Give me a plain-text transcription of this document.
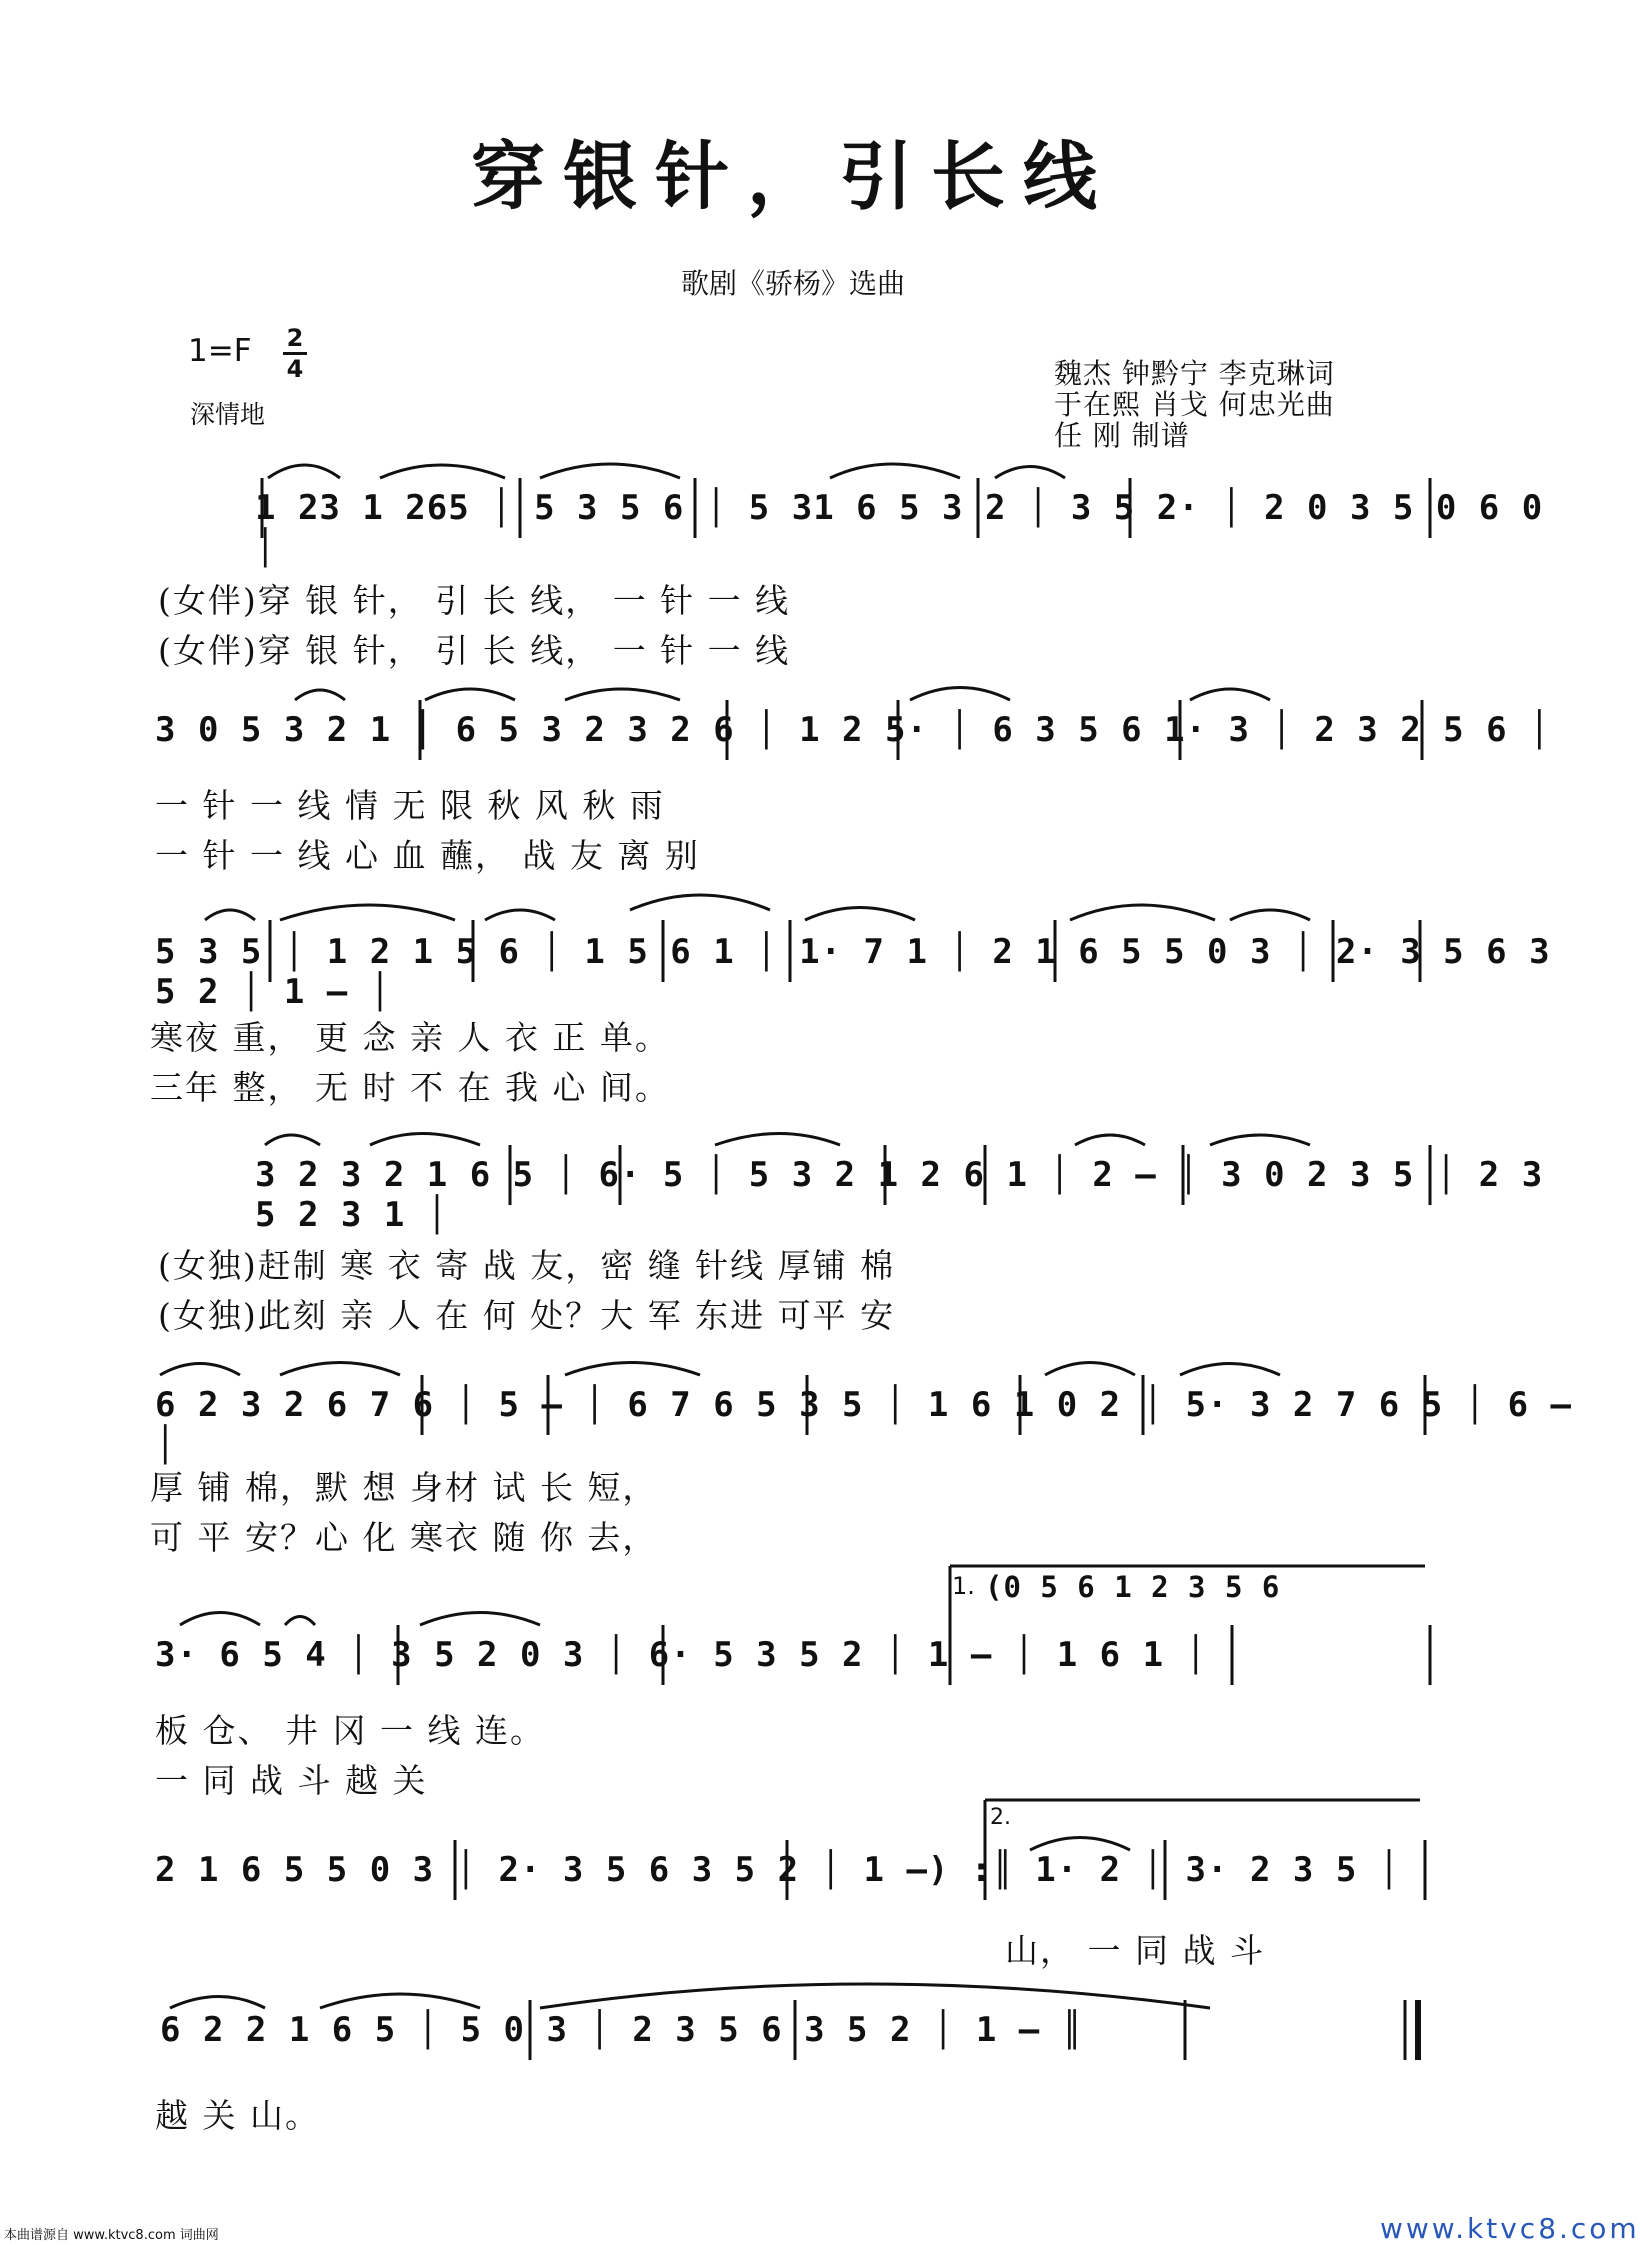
穿银针，引长线
歌剧《骄杨》选曲
1=F 2
4
深情地
魏杰 钟黔宁 李克琳词
于在熙 肖戈 何忠光曲
任 刚 制谱
1 23 1 265 │ 5 3 5 6 │ 5 31 6 5 3 2 │ 3 5 2· │ 2 0 3 5 0 6 0 │
(女伴)穿 银 针， 引 长 线， 一 针 一 线
(女伴)穿 银 针， 引 长 线， 一 针 一 线
3 0 5 3 2 1 │ 6 5 3 2 3 2 6 │ 1 2 5· │ 6 3 5 6 1· 3 │ 2 3 2 5 6 │
一 针 一 线 情 无 限 秋 风 秋 雨
一 针 一 线 心 血 蘸， 战 友 离 别
5 3 5 │ 1 2 1 5 6 │ 1 5 6 1 │ 1· 7 1 │ 2 1 6 5 5 0 3 │ 2· 3 5 6 3 5 2 │ 1 – │
寒夜 重， 更 念 亲 人 衣 正 单。
三年 整， 无 时 不 在 我 心 间。
3 2 3 2 1 6 5 │ 6· 5 │ 5 3 2 1 2 6 1 │ 2 – │ 3 0 2 3 5 │ 2 3 5 2 3 1 │
(女独)赶制 寒 衣 寄 战 友，密 缝 针线 厚铺 棉
(女独)此刻 亲 人 在 何 处？大 军 东进 可平 安
6 2 3 2 6 7 6 │ 5 – │ 6 7 6 5 3 5 │ 1 6 1 0 2 │ 5· 3 2 7 6 5 │ 6 – │
厚 铺 棉，默 想 身材 试 长 短，
可 平 安？心 化 寒衣 随 你 去，
1. (0 5 6 1 2 3 5 6
3· 6 5 4 │ 3 5 2 0 3 │ 6· 5 3 5 2 │ 1 – │ 1 6 1 │
板 仓、 井 冈 一 线 连。
一 同 战 斗 越 关
2.
2 1 6 5 5 0 3 │ 2· 3 5 6 3 5 2 │ 1 –) :║ 1· 2 │ 3· 2 3 5 │
山， 一 同 战 斗
6 2 2 1 6 5 │ 5 0 3 │ 2 3 5 6 3 5 2 │ 1 – ║
越 关 山。
本曲谱源自 www.ktvc8.com 词曲网	www.ktvc8.com
